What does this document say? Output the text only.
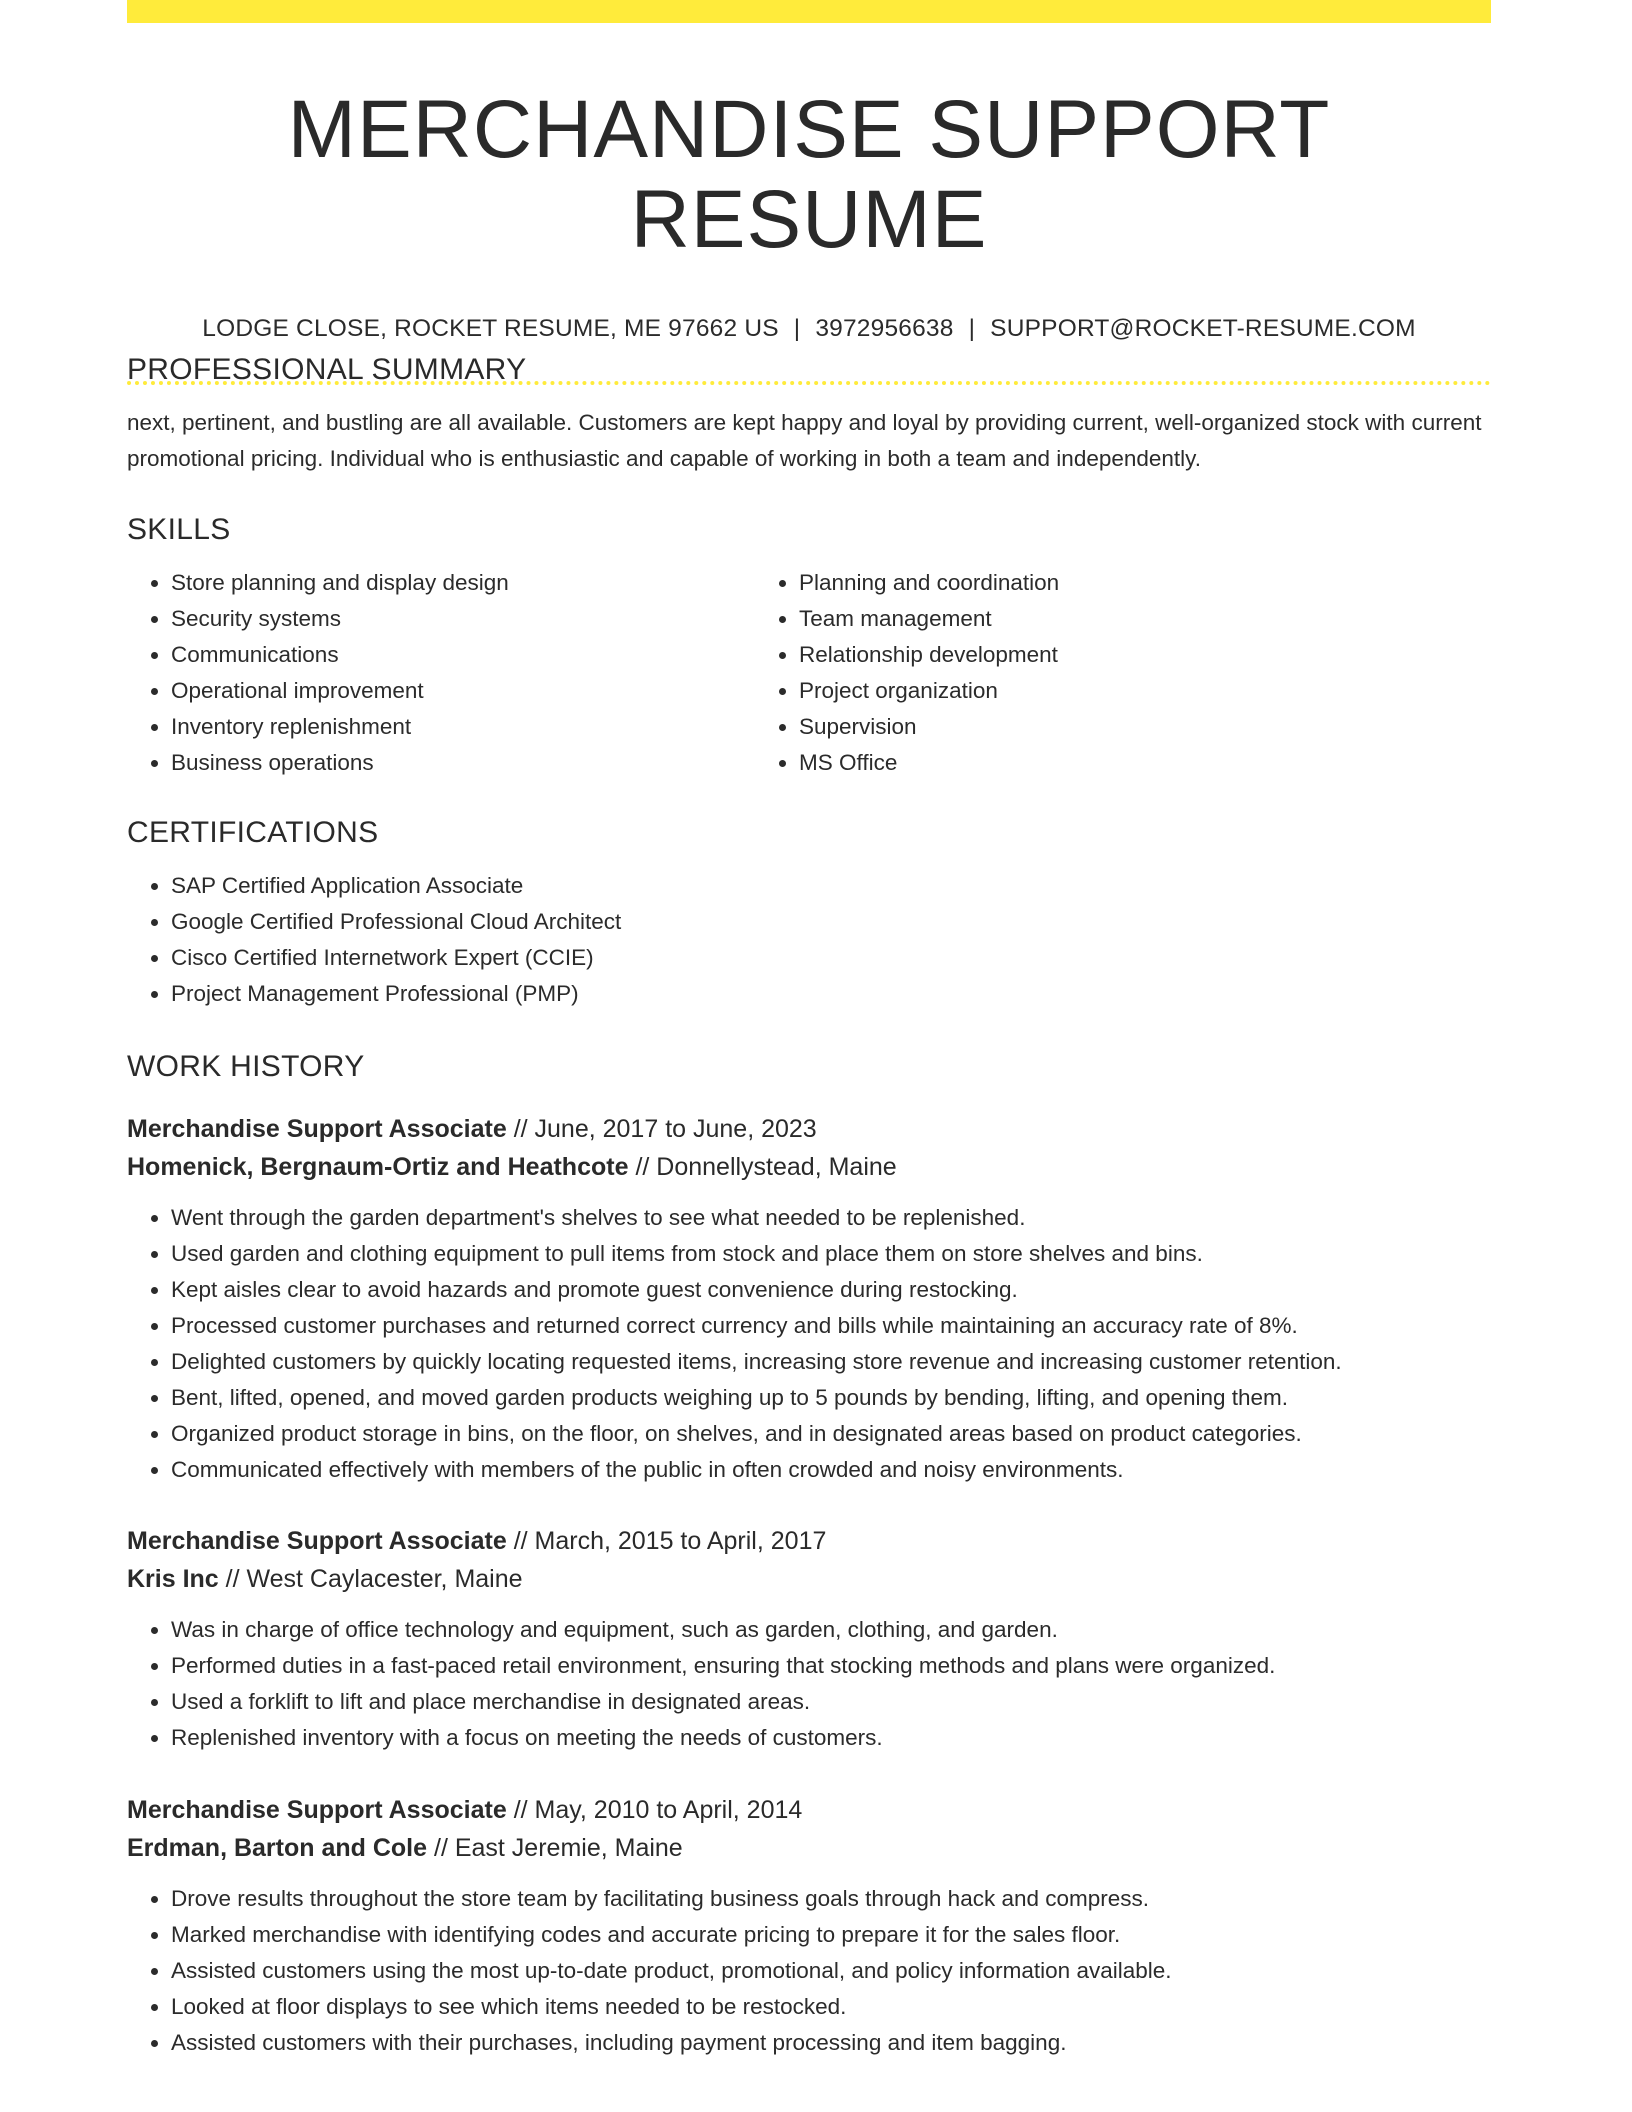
MERCHANDISE SUPPORT RESUME
LODGE CLOSE, ROCKET RESUME, ME 97662 US | 3972956638 | SUPPORT@ROCKET-RESUME.COM
PROFESSIONAL SUMMARY

next, pertinent, and bustling are all available. Customers are kept happy and loyal by providing current, well-organized stock with current promotional pricing. Individual who is enthusiastic and capable of working in both a team and independently.

SKILLS
• Store planning and display design
• Security systems
• Communications
• Operational improvement
• Inventory replenishment
• Business operations
• Planning and coordination
• Team management
• Relationship development
• Project organization
• Supervision
• MS Office
CERTIFICATIONS
• SAP Certified Application Associate
• Google Certified Professional Cloud Architect
• Cisco Certified Internetwork Expert (CCIE)
• Project Management Professional (PMP)
WORK HISTORY
Merchandise Support Associate // June, 2017 to June, 2023
Homenick, Bergnaum-Ortiz and Heathcote // Donnellystead, Maine
• Went through the garden department's shelves to see what needed to be replenished.
• Used garden and clothing equipment to pull items from stock and place them on store shelves and bins.
• Kept aisles clear to avoid hazards and promote guest convenience during restocking.
• Processed customer purchases and returned correct currency and bills while maintaining an accuracy rate of 8%.
• Delighted customers by quickly locating requested items, increasing store revenue and increasing customer retention.
• Bent, lifted, opened, and moved garden products weighing up to 5 pounds by bending, lifting, and opening them.
• Organized product storage in bins, on the floor, on shelves, and in designated areas based on product categories.
• Communicated effectively with members of the public in often crowded and noisy environments.
Merchandise Support Associate // March, 2015 to April, 2017
Kris Inc // West Caylacester, Maine
• Was in charge of office technology and equipment, such as garden, clothing, and garden.
• Performed duties in a fast-paced retail environment, ensuring that stocking methods and plans were organized.
• Used a forklift to lift and place merchandise in designated areas.
• Replenished inventory with a focus on meeting the needs of customers.
Merchandise Support Associate // May, 2010 to April, 2014
Erdman, Barton and Cole // East Jeremie, Maine
• Drove results throughout the store team by facilitating business goals through hack and compress.
• Marked merchandise with identifying codes and accurate pricing to prepare it for the sales floor.
• Assisted customers using the most up-to-date product, promotional, and policy information available.
• Looked at floor displays to see which items needed to be restocked.
• Assisted customers with their purchases, including payment processing and item bagging.
